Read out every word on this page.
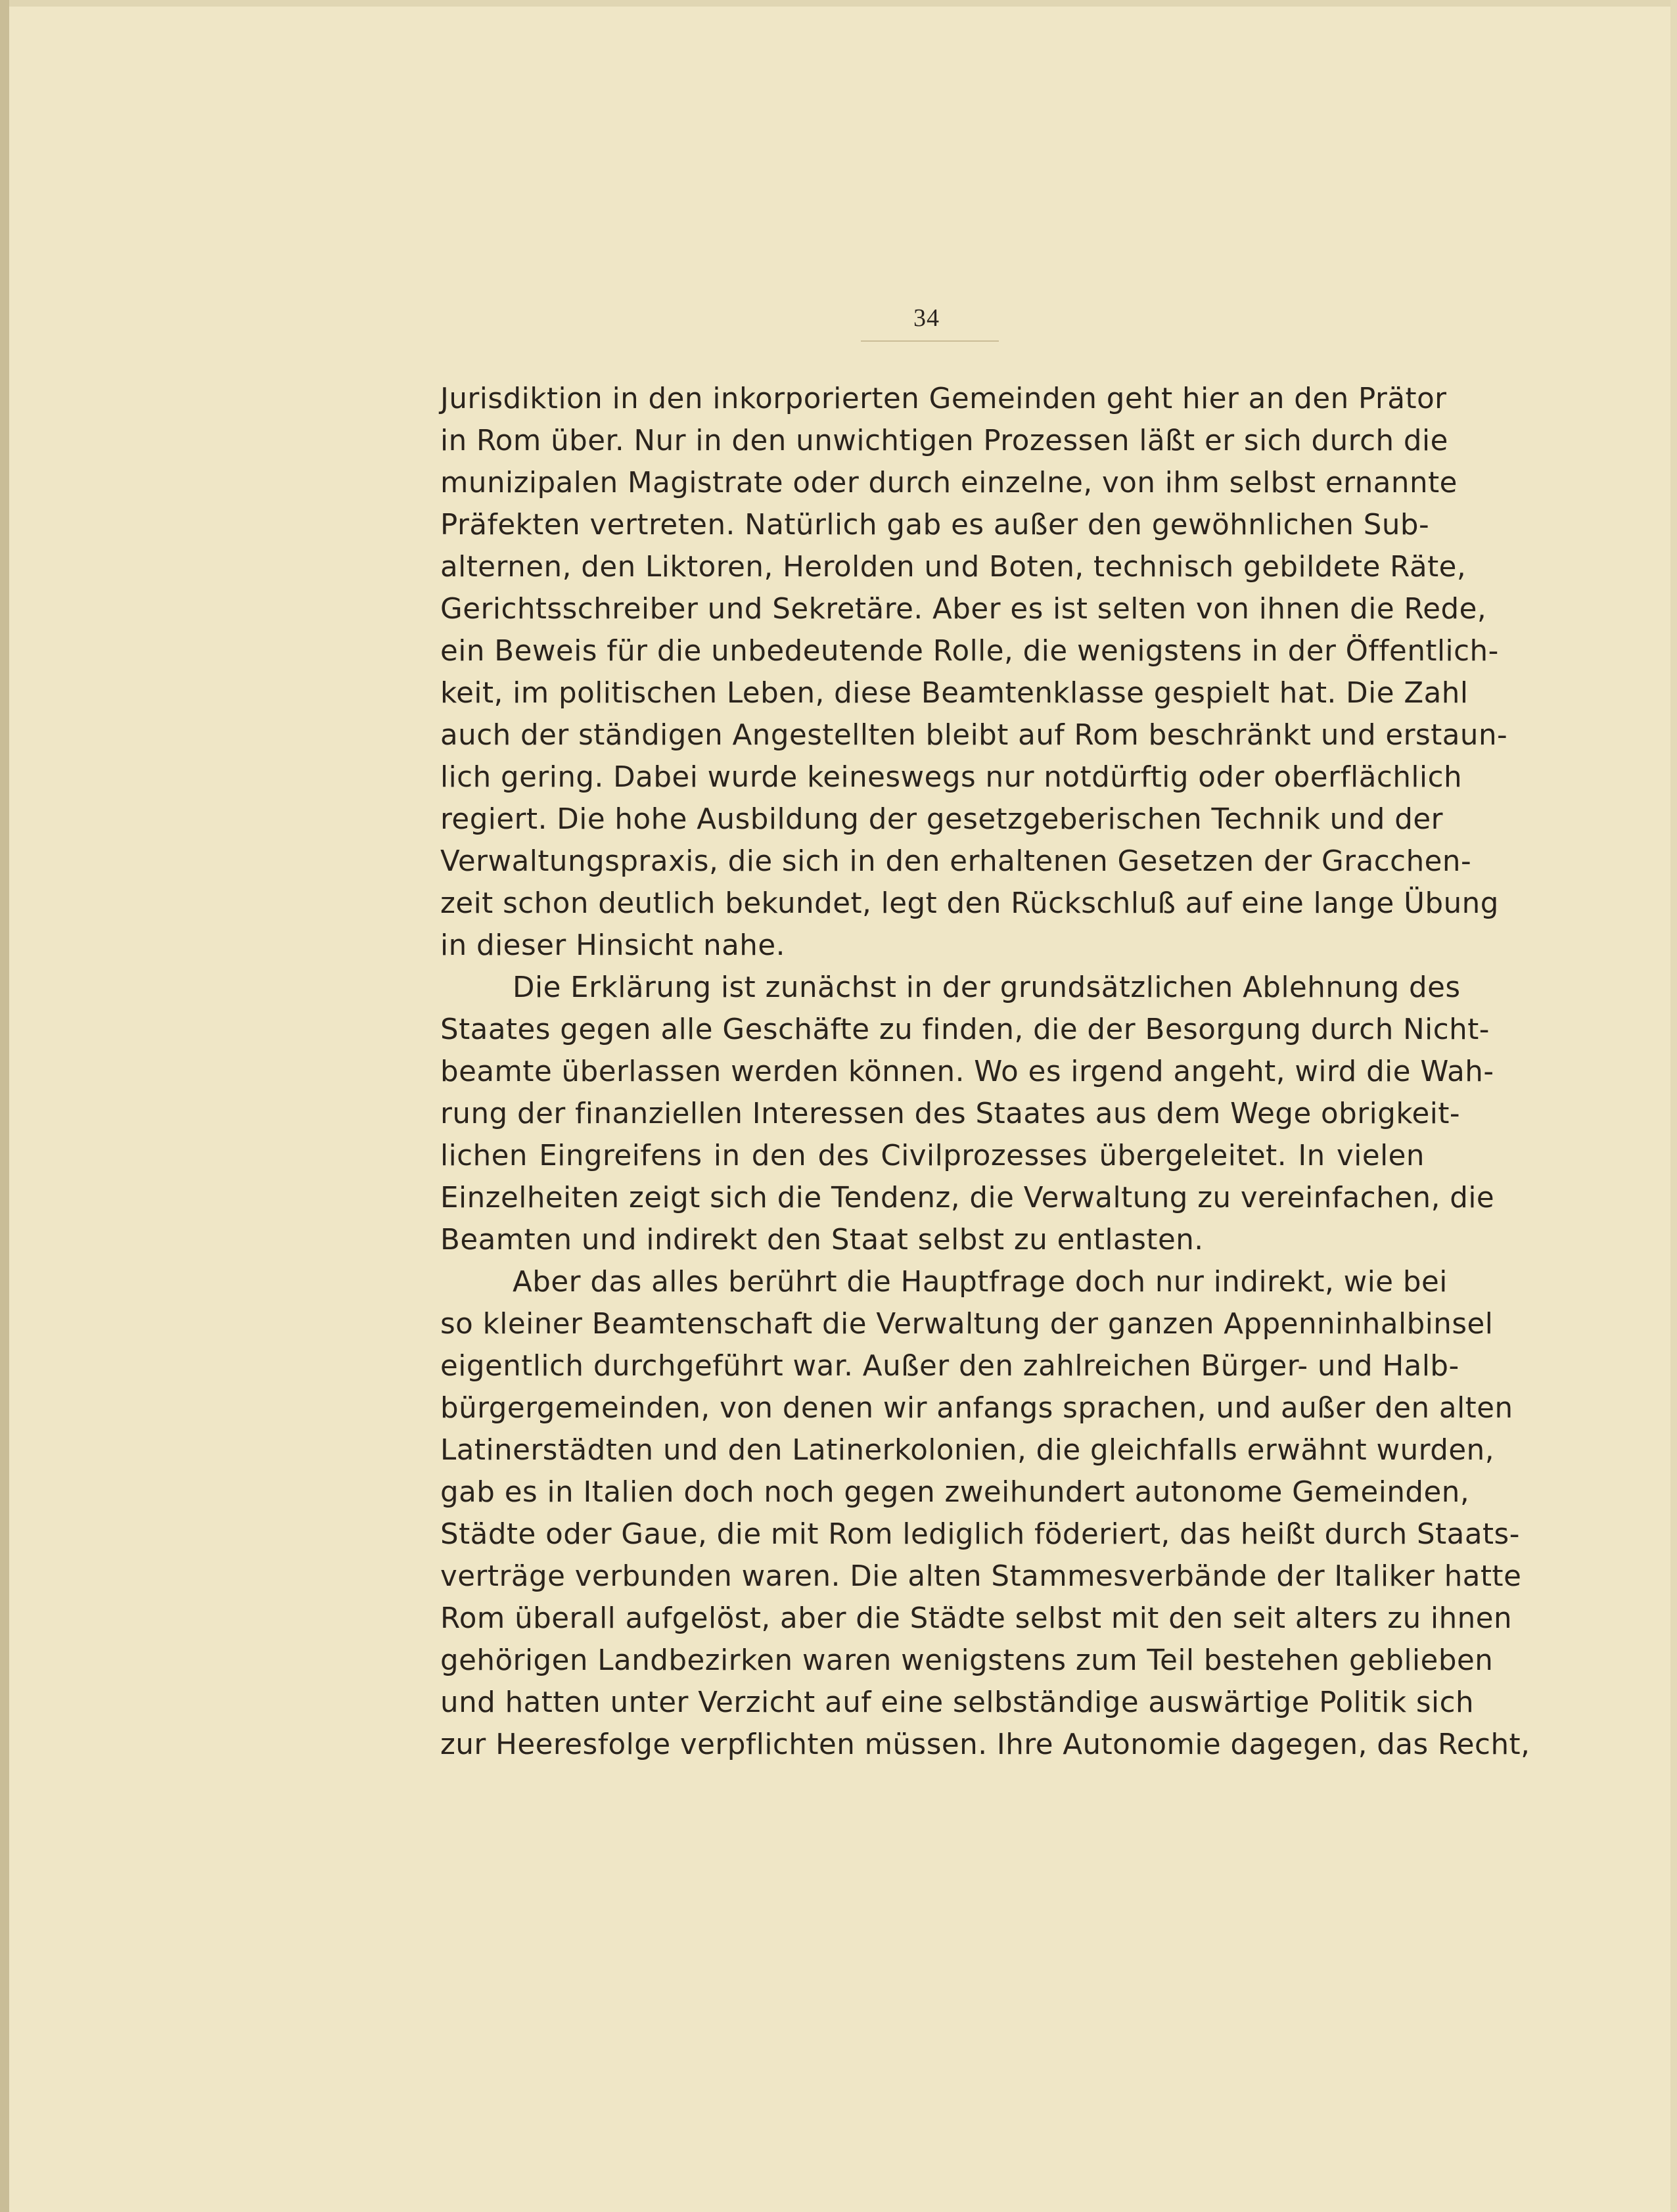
34
Jurisdiktion in den inkorporierten Gemeinden geht hier an den Prätor
in Rom über. Nur in den unwichtigen Prozessen läßt er sich durch die
munizipalen Magistrate oder durch einzelne, von ihm selbst ernannte
Präfekten vertreten. Natürlich gab es außer den gewöhnlichen Sub-
alternen, den Liktoren, Herolden und Boten, technisch gebildete Räte,
Gerichtsschreiber und Sekretäre. Aber es ist selten von ihnen die Rede,
ein Beweis für die unbedeutende Rolle, die wenigstens in der Öffentlich-
keit, im politischen Leben, diese Beamtenklasse gespielt hat. Die Zahl
auch der ständigen Angestellten bleibt auf Rom beschränkt und erstaun-
lich gering. Dabei wurde keineswegs nur notdürftig oder oberflächlich
regiert. Die hohe Ausbildung der gesetzgeberischen Technik und der
Verwaltungspraxis, die sich in den erhaltenen Gesetzen der Gracchen-
zeit schon deutlich bekundet, legt den Rückschluß auf eine lange Übung
in dieser Hinsicht nahe.
Die Erklärung ist zunächst in der grundsätzlichen Ablehnung des
Staates gegen alle Geschäfte zu finden, die der Besorgung durch Nicht-
beamte überlassen werden können. Wo es irgend angeht, wird die Wah-
rung der finanziellen Interessen des Staates aus dem Wege obrigkeit-
lichen Eingreifens in den des Civilprozesses übergeleitet. In vielen
Einzelheiten zeigt sich die Tendenz, die Verwaltung zu vereinfachen, die
Beamten und indirekt den Staat selbst zu entlasten.
Aber das alles berührt die Hauptfrage doch nur indirekt, wie bei
so kleiner Beamtenschaft die Verwaltung der ganzen Appenninhalbinsel
eigentlich durchgeführt war. Außer den zahlreichen Bürger- und Halb-
bürgergemeinden, von denen wir anfangs sprachen, und außer den alten
Latinerstädten und den Latinerkolonien, die gleichfalls erwähnt wurden,
gab es in Italien doch noch gegen zweihundert autonome Gemeinden,
Städte oder Gaue, die mit Rom lediglich föderiert, das heißt durch Staats-
verträge verbunden waren. Die alten Stammesverbände der Italiker hatte
Rom überall aufgelöst, aber die Städte selbst mit den seit alters zu ihnen
gehörigen Landbezirken waren wenigstens zum Teil bestehen geblieben
und hatten unter Verzicht auf eine selbständige auswärtige Politik sich
zur Heeresfolge verpflichten müssen. Ihre Autonomie dagegen, das Recht,
